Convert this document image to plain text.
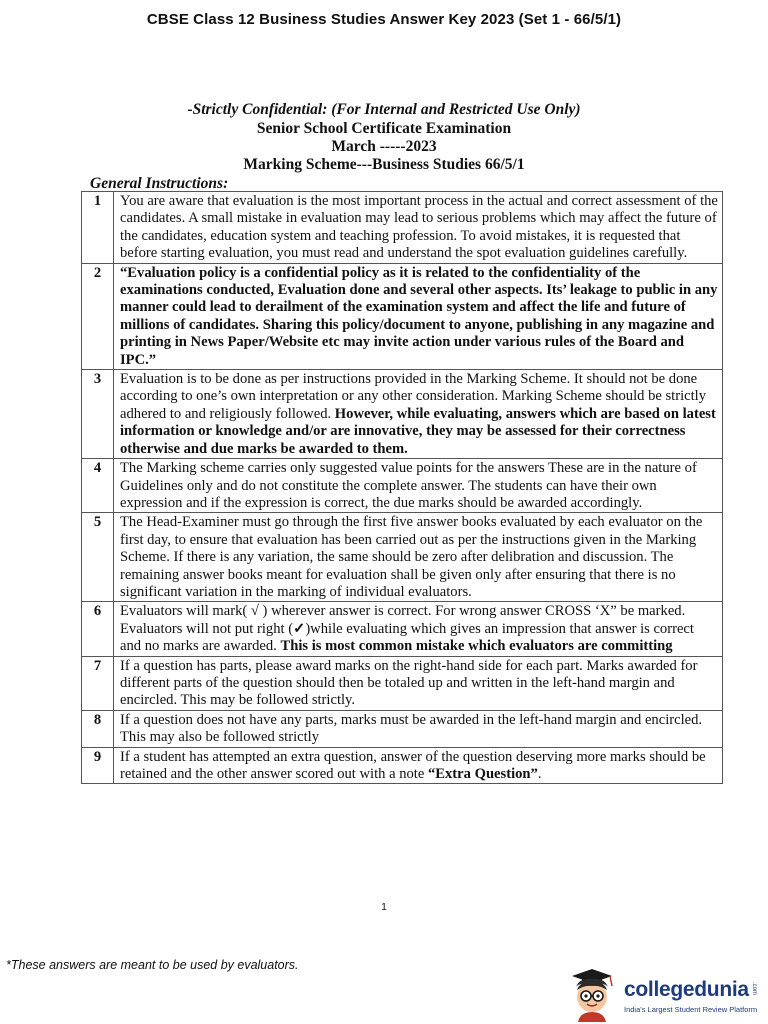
CBSE Class 12 Business Studies Answer Key 2023 (Set 1 - 66/5/1)
-Strictly Confidential: (For Internal and Restricted Use Only)
Senior School Certificate Examination
March -----2023
Marking Scheme---Business Studies 66/5/1
General Instructions:
1	You are aware that evaluation is the most important process in the actual and correct assessment of the candidates. A small mistake in evaluation may lead to serious problems which may affect the future of the candidates, education system and teaching profession. To avoid mistakes, it is requested that before starting evaluation, you must read and understand the spot evaluation guidelines carefully.
2	“Evaluation policy is a confidential policy as it is related to the confidentiality of the examinations conducted, Evaluation done and several other aspects. Its’ leakage to public in any manner could lead to derailment of the examination system and affect the life and future of millions of candidates. Sharing this policy/document to anyone, publishing in any magazine and printing in News Paper/Website etc may invite action under various rules of the Board and IPC.”
3	Evaluation is to be done as per instructions provided in the Marking Scheme. It should not be done according to one’s own interpretation or any other consideration. Marking Scheme should be strictly adhered to and religiously followed. However, while evaluating, answers which are based on latest information or knowledge and/or are innovative, they may be assessed for their correctness otherwise and due marks be awarded to them.
4	The Marking scheme carries only suggested value points for the answers These are in the nature of Guidelines only and do not constitute the complete answer. The students can have their own expression and if the expression is correct, the due marks should be awarded accordingly.
5	The Head-Examiner must go through the first five answer books evaluated by each evaluator on the first day, to ensure that evaluation has been carried out as per the instructions given in the Marking Scheme. If there is any variation, the same should be zero after delibration and discussion. The remaining answer books meant for evaluation shall be given only after ensuring that there is no significant variation in the marking of individual evaluators.
6	Evaluators will mark( √ ) wherever answer is correct. For wrong answer CROSS ‘X” be marked. Evaluators will not put right (✓)while evaluating which gives an impression that answer is correct and no marks are awarded. This is most common mistake which evaluators are committing
7	If a question has parts, please award marks on the right-hand side for each part. Marks awarded for different parts of the question should then be totaled up and written in the left-hand margin and encircled. This may be followed strictly.
8	If a question does not have any parts, marks must be awarded in the left-hand margin and encircled. This may also be followed strictly
9	If a student has attempted an extra question, answer of the question deserving more marks should be retained and the other answer scored out with a note “Extra Question”.
1
*These answers are meant to be used by evaluators.
collegedunia .com
India's Largest Student Review Platform
